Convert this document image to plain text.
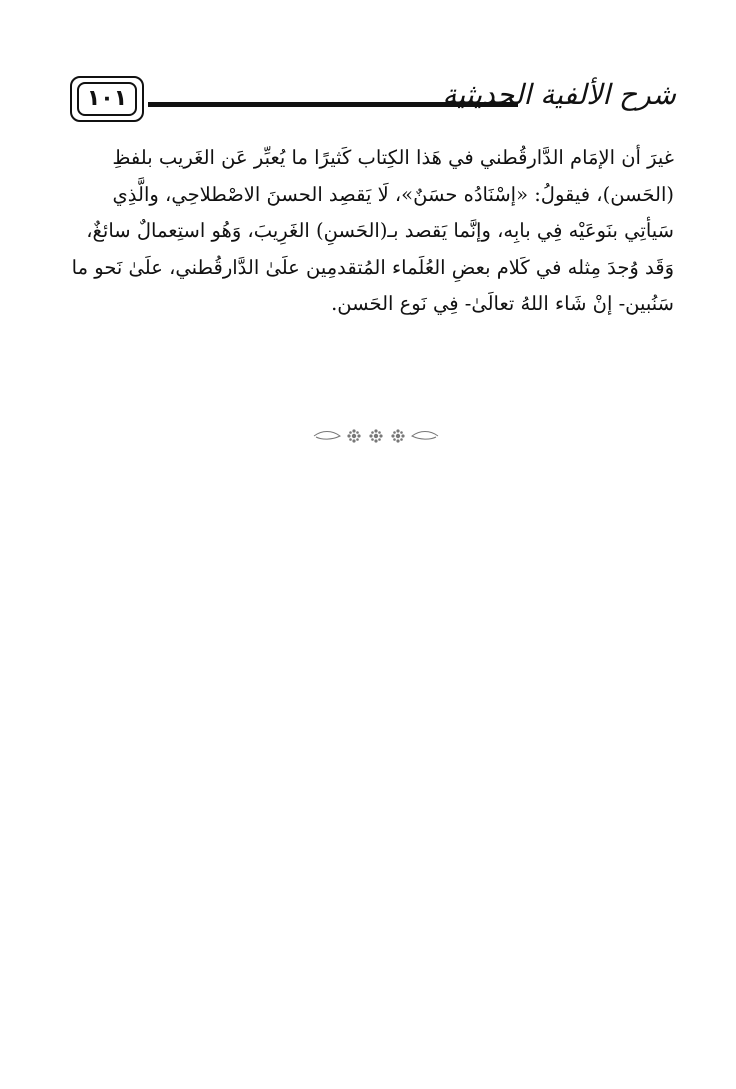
١٠١	شرح الألفية الحديثية

غيرَ أن الإمَام الدَّارقُطني في هَذا الكِتاب كَثيرًا ما يُعبِّر عَن الغَريب بلفظِ

(الحَسن)، فيقولُ: «إسْنَادُه حسَنٌ»، لَا يَقصِد الحسنَ الاصْطلاحِي، والَّذِي

سَيأتِي بنَوعَيْه فِي بابِه، وإنَّما يَقصد بـ(الحَسنِ) الغَرِيبَ، وَهُو استِعمالٌ سائغٌ،

وَقَد وُجدَ مِثله في كَلام بعضِ العُلَماء المُتقدمِين علَىٰ الدَّارقُطني، علَىٰ نَحو ما

سَنُبين- إنْ شَاء اللهُ تعالَىٰ- فِي نَوع الحَسن.
